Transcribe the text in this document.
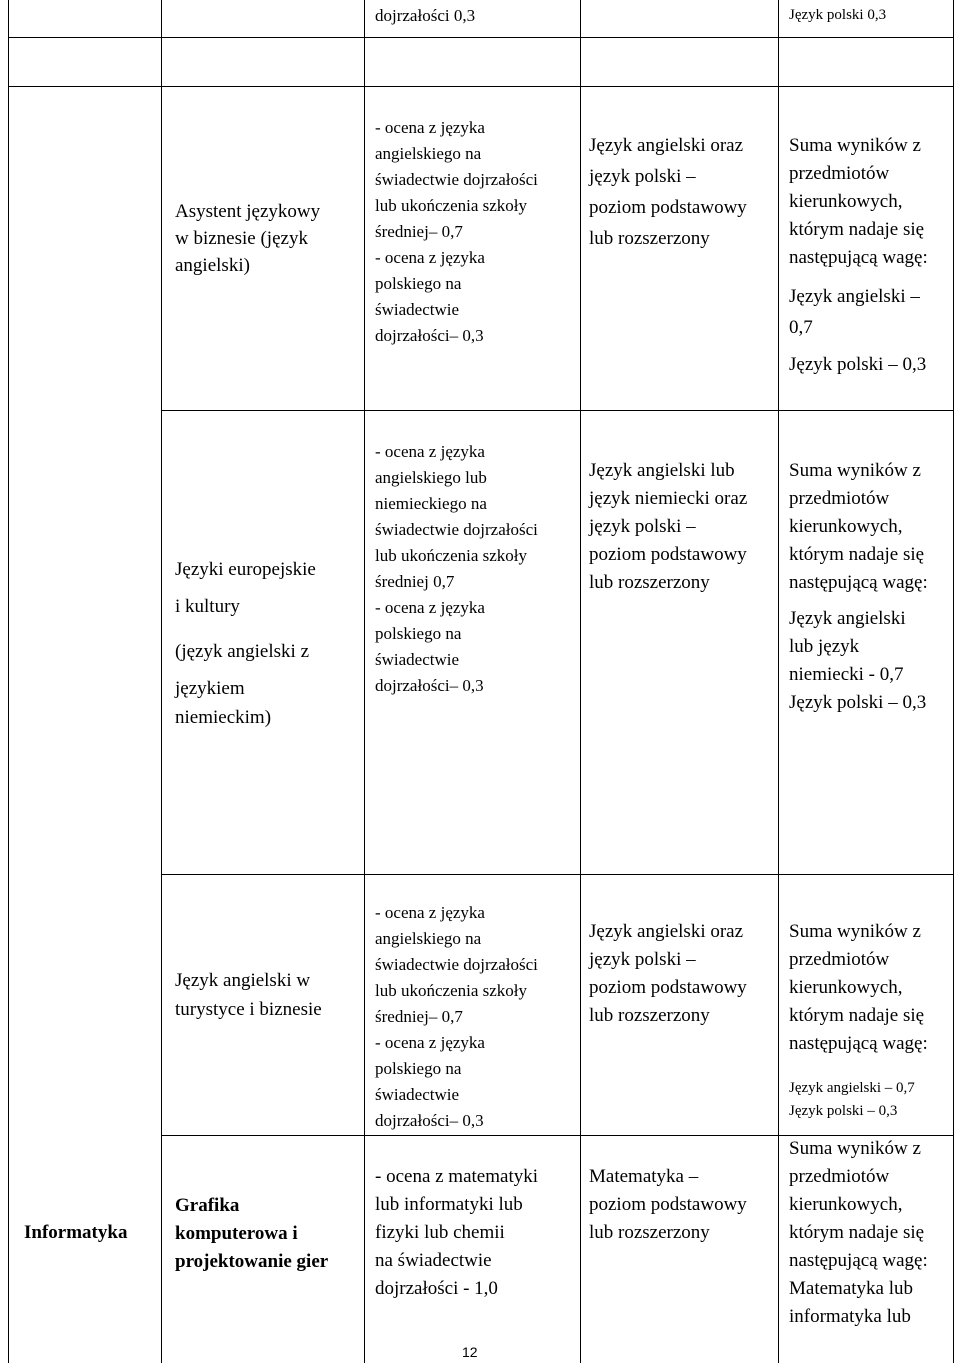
dojrzałości 0,3	Język polski 0,3
Asystent językowy
w biznesie (język
angielski)
- ocena z języka
angielskiego na
świadectwie dojrzałości
lub ukończenia szkoły
średniej– 0,7
- ocena z języka
polskiego na
świadectwie
dojrzałości– 0,3
Język angielski oraz
język polski –
poziom podstawowy
lub rozszerzony
Suma wyników z
przedmiotów
kierunkowych,
którym nadaje się
następującą wagę:
Język angielski –
0,7
Język polski – 0,3
Języki europejskie
i kultury
(język angielski z
językiem
niemieckim)
- ocena z języka
angielskiego lub
niemieckiego na
świadectwie dojrzałości
lub ukończenia szkoły
średniej 0,7
- ocena z języka
polskiego na
świadectwie
dojrzałości– 0,3
Język angielski lub
język niemiecki oraz
język polski –
poziom podstawowy
lub rozszerzony
Suma wyników z
przedmiotów
kierunkowych,
którym nadaje się
następującą wagę:
Język angielski
lub język
niemiecki - 0,7
Język polski – 0,3
Język angielski w
turystyce i biznesie
- ocena z języka
angielskiego na
świadectwie dojrzałości
lub ukończenia szkoły
średniej– 0,7
- ocena z języka
polskiego na
świadectwie
dojrzałości– 0,3
Język angielski oraz
język polski –
poziom podstawowy
lub rozszerzony
Suma wyników z
przedmiotów
kierunkowych,
którym nadaje się
następującą wagę:
Język angielski – 0,7
Język polski – 0,3
Informatyka
Grafika
komputerowa i
projektowanie gier
- ocena z matematyki
lub informatyki lub
fizyki lub chemii
na świadectwie
dojrzałości - 1,0
Matematyka –
poziom podstawowy
lub rozszerzony
Suma wyników z
przedmiotów
kierunkowych,
którym nadaje się
następującą wagę:
Matematyka lub
informatyka lub
12
